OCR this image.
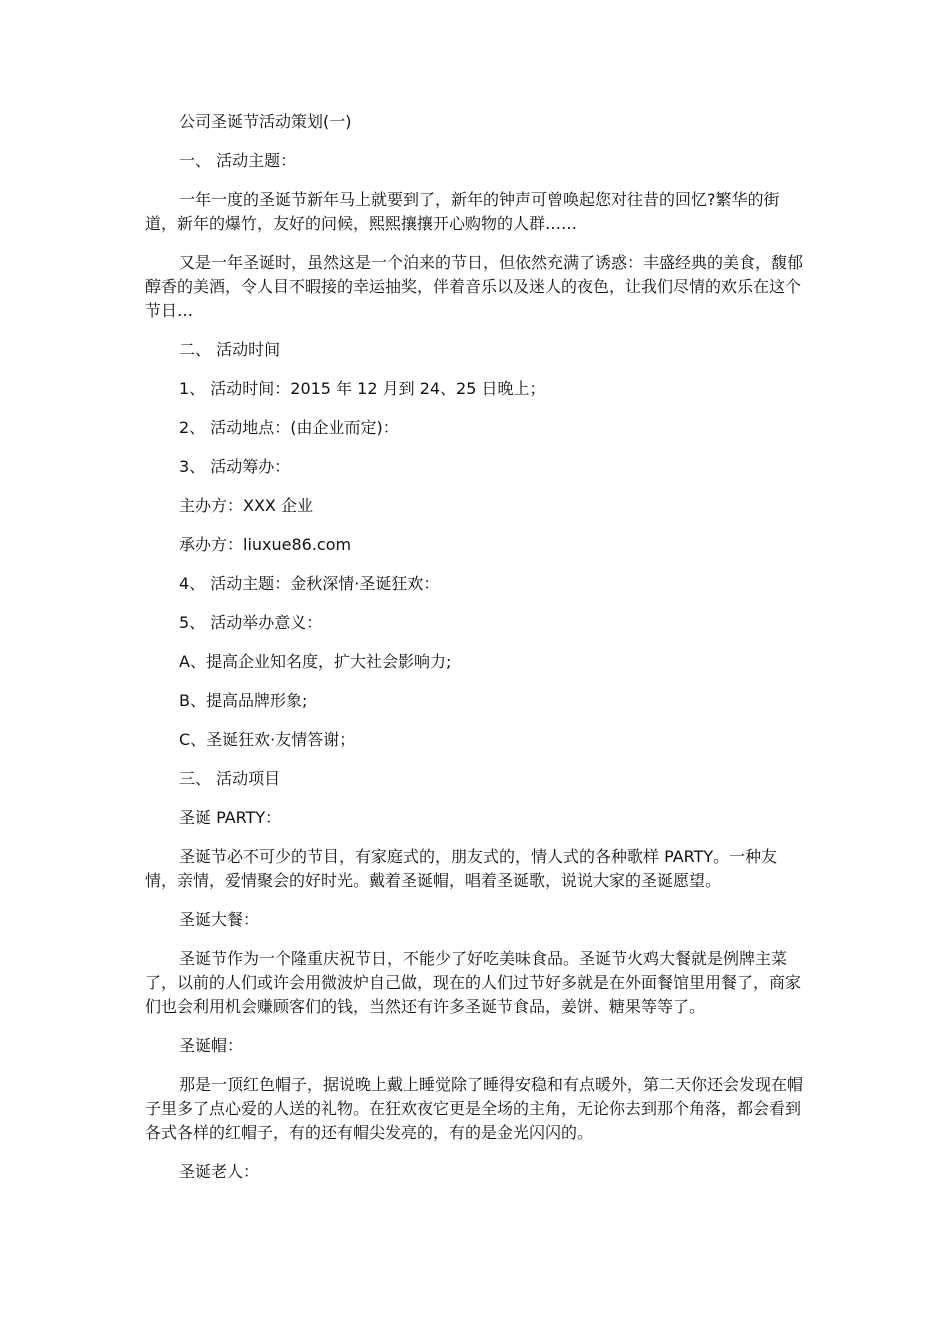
公司圣诞节活动策划(一)

一、 活动主题：

一年一度的圣诞节新年马上就要到了，新年的钟声可曾唤起您对往昔的回忆?繁华的街道，新年的爆竹，友好的问候，熙熙攘攘开心购物的人群……

又是一年圣诞时，虽然这是一个泊来的节日，但依然充满了诱惑：丰盛经典的美食，馥郁醇香的美酒，令人目不暇接的幸运抽奖，伴着音乐以及迷人的夜色，让我们尽情的欢乐在这个节日…

二、 活动时间

1、 活动时间：2015 年 12 月到 24、25 日晚上；

2、 活动地点：(由企业而定)：

3、 活动筹办：

主办方：XXX 企业

承办方：liuxue86.com

4、 活动主题：金秋深情·圣诞狂欢：

5、 活动举办意义：

A、提高企业知名度，扩大社会影响力;

B、提高品牌形象;

C、圣诞狂欢·友情答谢；

三、 活动项目

圣诞 PARTY：

圣诞节必不可少的节目，有家庭式的，朋友式的，情人式的各种歌样 PARTY。一种友情，亲情，爱情聚会的好时光。戴着圣诞帽，唱着圣诞歌，说说大家的圣诞愿望。

圣诞大餐：

圣诞节作为一个隆重庆祝节日，不能少了好吃美味食品。圣诞节火鸡大餐就是例牌主菜了，以前的人们或许会用微波炉自己做，现在的人们过节好多就是在外面餐馆里用餐了，商家们也会利用机会赚顾客们的钱，当然还有许多圣诞节食品，姜饼、糖果等等了。

圣诞帽：

那是一顶红色帽子，据说晚上戴上睡觉除了睡得安稳和有点暖外，第二天你还会发现在帽子里多了点心爱的人送的礼物。在狂欢夜它更是全场的主角，无论你去到那个角落，都会看到各式各样的红帽子，有的还有帽尖发亮的，有的是金光闪闪的。

圣诞老人：
